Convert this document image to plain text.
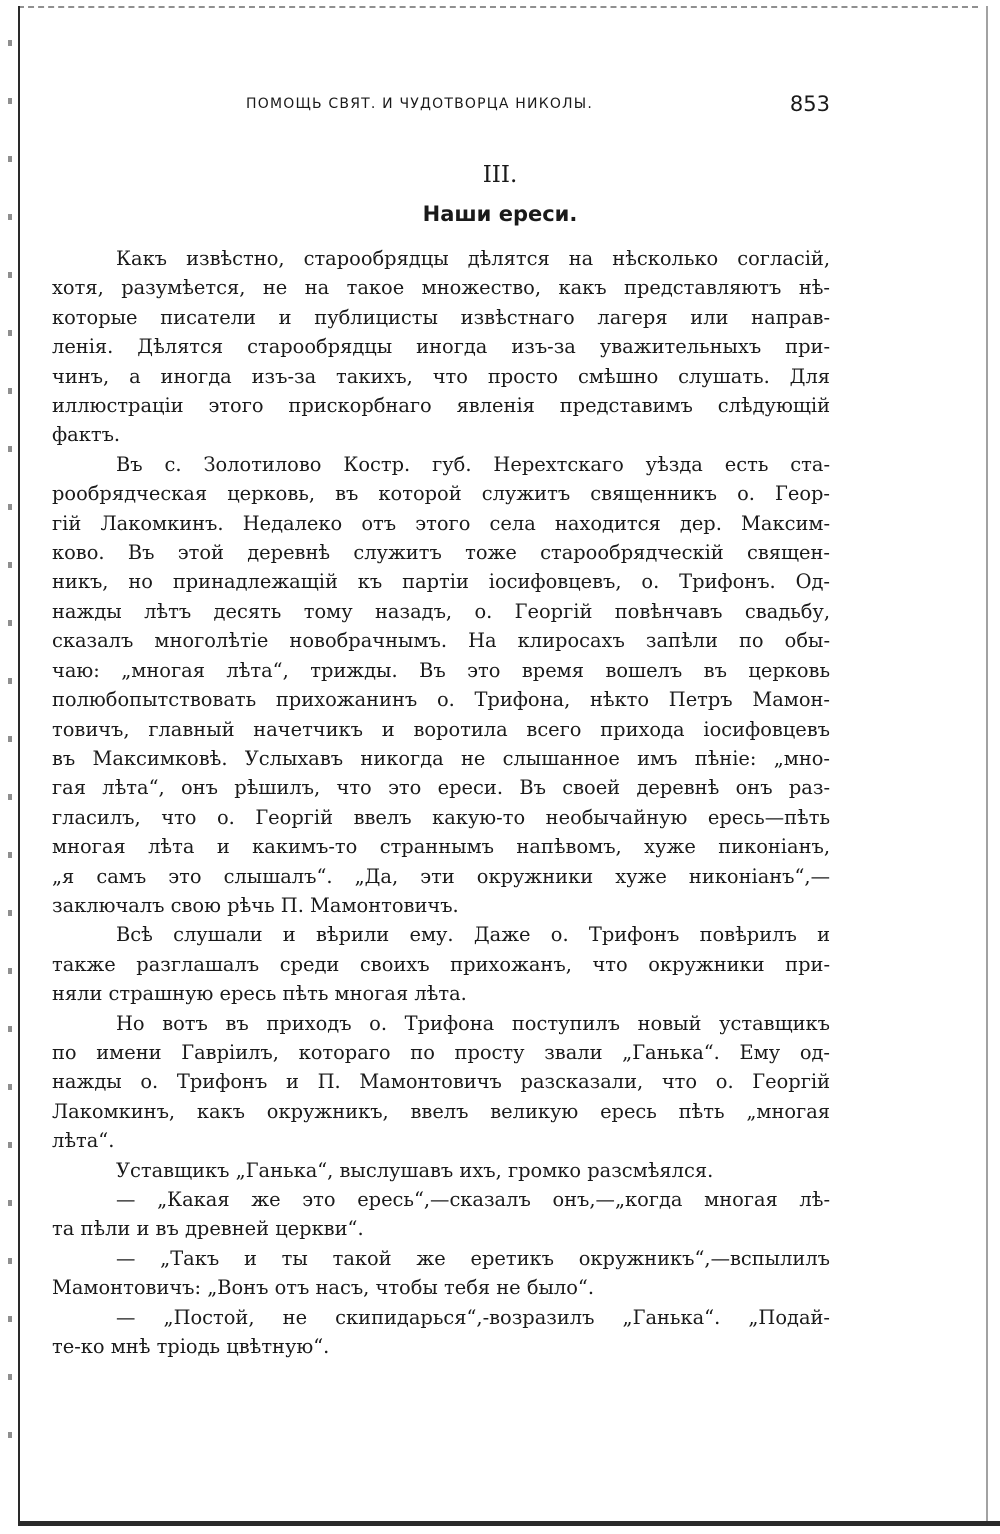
ПОМОЩЬ СВЯТ. И ЧУДОТВОРЦА НИКОЛЫ.	853
III.
Наши ереси.

Какъ извѣстно, старообрядцы дѣлятся на нѣсколько согласій,

хотя, разумѣется, не на такое множество, какъ представляютъ нѣ-

которые писатели и публицисты извѣстнаго лагеря или направ-

ленія. Дѣлятся старообрядцы иногда изъ-за уважительныхъ при-

чинъ, а иногда изъ-за такихъ, что просто смѣшно слушать. Для

иллюстраціи этого прискорбнаго явленія представимъ слѣдующій

фактъ.

Въ с. Золотилово Костр. губ. Нерехтскаго уѣзда есть ста-

рообрядческая церковь, въ которой служитъ священникъ о. Геор-

гій Лакомкинъ. Недалеко отъ этого села находится дер. Максим-

ково. Въ этой деревнѣ служитъ тоже старообрядческій священ-

никъ, но принадлежащій къ партіи іосифовцевъ, о. Трифонъ. Од-

нажды лѣтъ десять тому назадъ, о. Георгій повѣнчавъ свадьбу,

сказалъ многолѣтіе новобрачнымъ. На клиросахъ запѣли по обы-

чаю: „многая лѣта“, трижды. Въ это время вошелъ въ церковь

полюбопытствовать прихожанинъ о. Трифона, нѣкто Петръ Мамон-

товичъ, главный начетчикъ и воротила всего прихода іосифовцевъ

въ Максимковѣ. Услыхавъ никогда не слышанное имъ пѣніе: „мно-

гая лѣта“, онъ рѣшилъ, что это ереси. Въ своей деревнѣ онъ раз-

гласилъ, что о. Георгій ввелъ какую-то необычайную ересь—пѣть

многая лѣта и какимъ-то страннымъ напѣвомъ, хуже пиконіанъ,

„я самъ это слышалъ“. „Да, эти окружники хуже никоніанъ“,—

заключалъ свою рѣчь П. Мамонтовичъ.

Всѣ слушали и вѣрили ему. Даже о. Трифонъ повѣрилъ и

также разглашалъ среди своихъ прихожанъ, что окружники при-

няли страшную ересь пѣть многая лѣта.

Но вотъ въ приходъ о. Трифона поступилъ новый уставщикъ

по имени Гавріилъ, котораго по просту звали „Ганька“. Ему од-

нажды о. Трифонъ и П. Мамонтовичъ разсказали, что о. Георгій

Лакомкинъ, какъ окружникъ, ввелъ великую ересь пѣть „многая

лѣта“.

Уставщикъ „Ганька“, выслушавъ ихъ, громко разсмѣялся.

— „Какая же это ересь“,—сказалъ онъ,—„когда многая лѣ-

та пѣли и въ древней церкви“.

— „Такъ и ты такой же еретикъ окружникъ“,—вспылилъ

Мамонтовичъ: „Вонъ отъ насъ, чтобы тебя не было“.

— „Постой, не скипидарься“,-возразилъ „Ганька“. „Подай-

те-ко мнѣ тріодь цвѣтную“.
